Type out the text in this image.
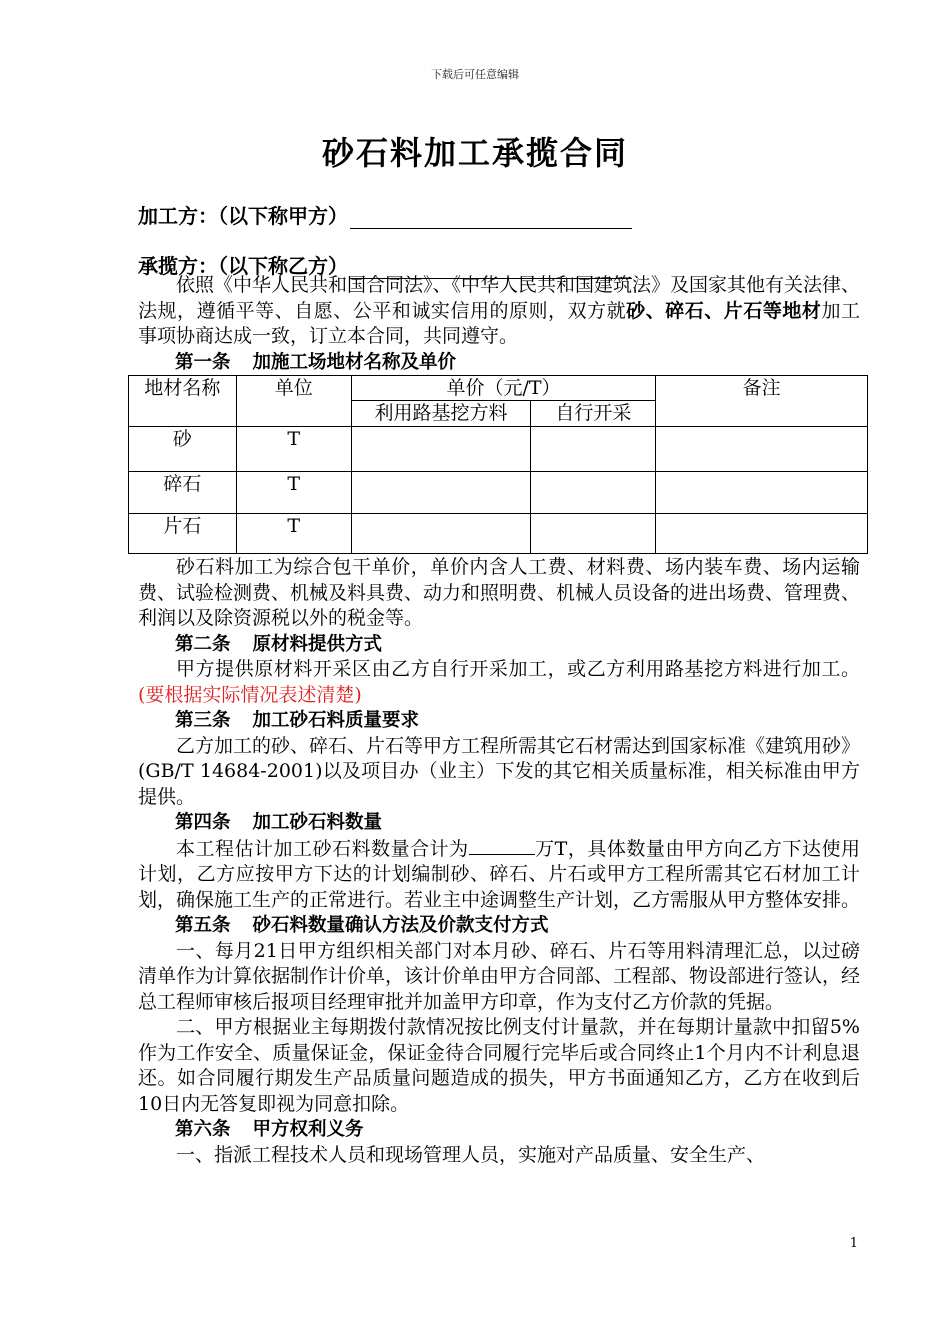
下载后可任意编辑
砂石料加工承揽合同
加工方：（以下称甲方）
承揽方：（以下称乙方）

依照《中华人民共和国合同法》、《中华人民共和国建筑法》及国家其他有关法律、法规，遵循平等、自愿、公平和诚实信用的原则，双方就砂、碎石、片石等地材加工事项协商达成一致，订立本合同，共同遵守。

第一条 加施工场地材名称及单价

地材名称	单位	单价（元/T）		备注
		利用路基挖方料	自行开采	
砂	T			
碎石	T			
片石	T			

砂石料加工为综合包干单价，单价内含人工费、材料费、场内装车费、场内运输费、试验检测费、机械及料具费、动力和照明费、机械人员设备的进出场费、管理费、利润以及除资源税以外的税金等。

第二条 原材料提供方式

甲方提供原材料开采区由乙方自行开采加工，或乙方利用路基挖方料进行加工。(要根据实际情况表述清楚)

第三条 加工砂石料质量要求

乙方加工的砂、碎石、片石等甲方工程所需其它石材需达到国家标准《建筑用砂》(GB/T 14684-2001)以及项目办（业主）下发的其它相关质量标准，相关标准由甲方提供。

第四条 加工砂石料数量

本工程估计加工砂石料数量合计为	万T，具体数量由甲方向乙方下达使用计划，乙方应按甲方下达的计划编制砂、碎石、片石或甲方工程所需其它石材加工计划，确保施工生产的正常进行。若业主中途调整生产计划，乙方需服从甲方整体安排。

第五条 砂石料数量确认方法及价款支付方式

一、每月21日甲方组织相关部门对本月砂、碎石、片石等用料清理汇总，以过磅清单作为计算依据制作计价单，该计价单由甲方合同部、工程部、物设部进行签认，经总工程师审核后报项目经理审批并加盖甲方印章，作为支付乙方价款的凭据。

二、甲方根据业主每期拨付款情况按比例支付计量款，并在每期计量款中扣留5%作为工作安全、质量保证金，保证金待合同履行完毕后或合同终止1个月内不计利息退还。如合同履行期发生产品质量问题造成的损失，甲方书面通知乙方，乙方在收到后10日内无答复即视为同意扣除。

第六条 甲方权利义务

一、指派工程技术人员和现场管理人员，实施对产品质量、安全生产、

1
